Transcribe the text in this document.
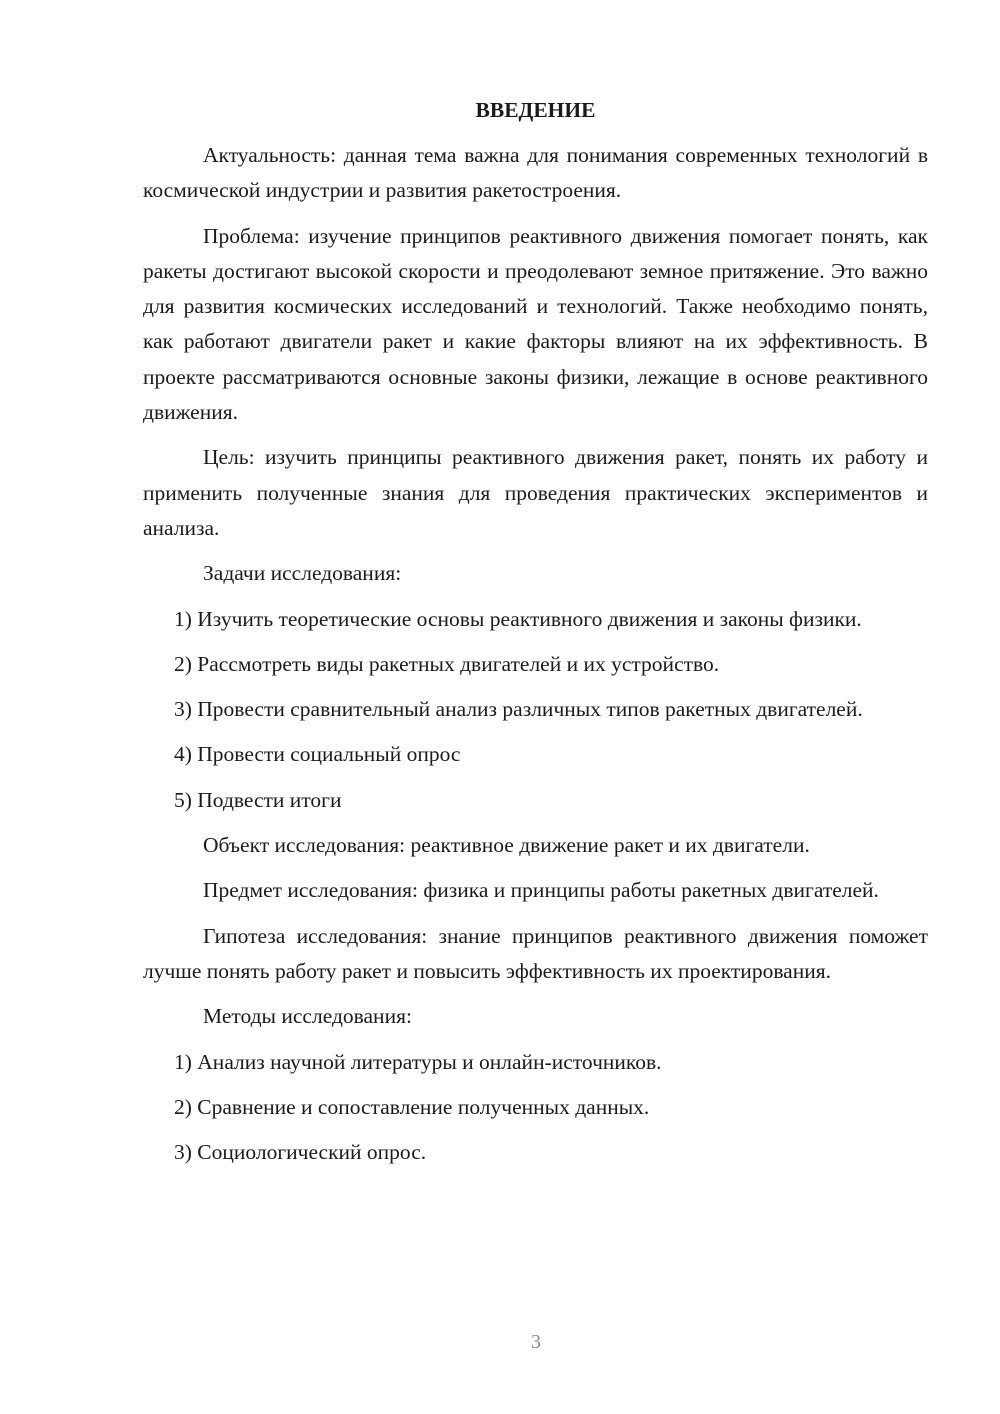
ВВЕДЕНИЕ

Актуальность: данная тема важна для понимания современных технологий в космической индустрии и развития ракетостроения.

Проблема: изучение принципов реактивного движения помогает понять, как ракеты достигают высокой скорости и преодолевают земное притяжение. Это важно для развития космических исследований и технологий. Также необходимо понять, как работают двигатели ракет и какие факторы влияют на их эффективность. В проекте рассматриваются основные законы физики, лежащие в основе реактивного движения.

Цель: изучить принципы реактивного движения ракет, понять их работу и применить полученные знания для проведения практических экспериментов и анализа.

Задачи исследования:

1) Изучить теоретические основы реактивного движения и законы физики.

2) Рассмотреть виды ракетных двигателей и их устройство.

3) Провести сравнительный анализ различных типов ракетных двигателей.

4) Провести социальный опрос

5) Подвести итоги

Объект исследования: реактивное движение ракет и их двигатели.

Предмет исследования: физика и принципы работы ракетных двигателей.

Гипотеза исследования: знание принципов реактивного движения поможет лучше понять работу ракет и повысить эффективность их проектирования.

Методы исследования:

1) Анализ научной литературы и онлайн-источников.

2) Сравнение и сопоставление полученных данных.

3) Социологический опрос.

3
